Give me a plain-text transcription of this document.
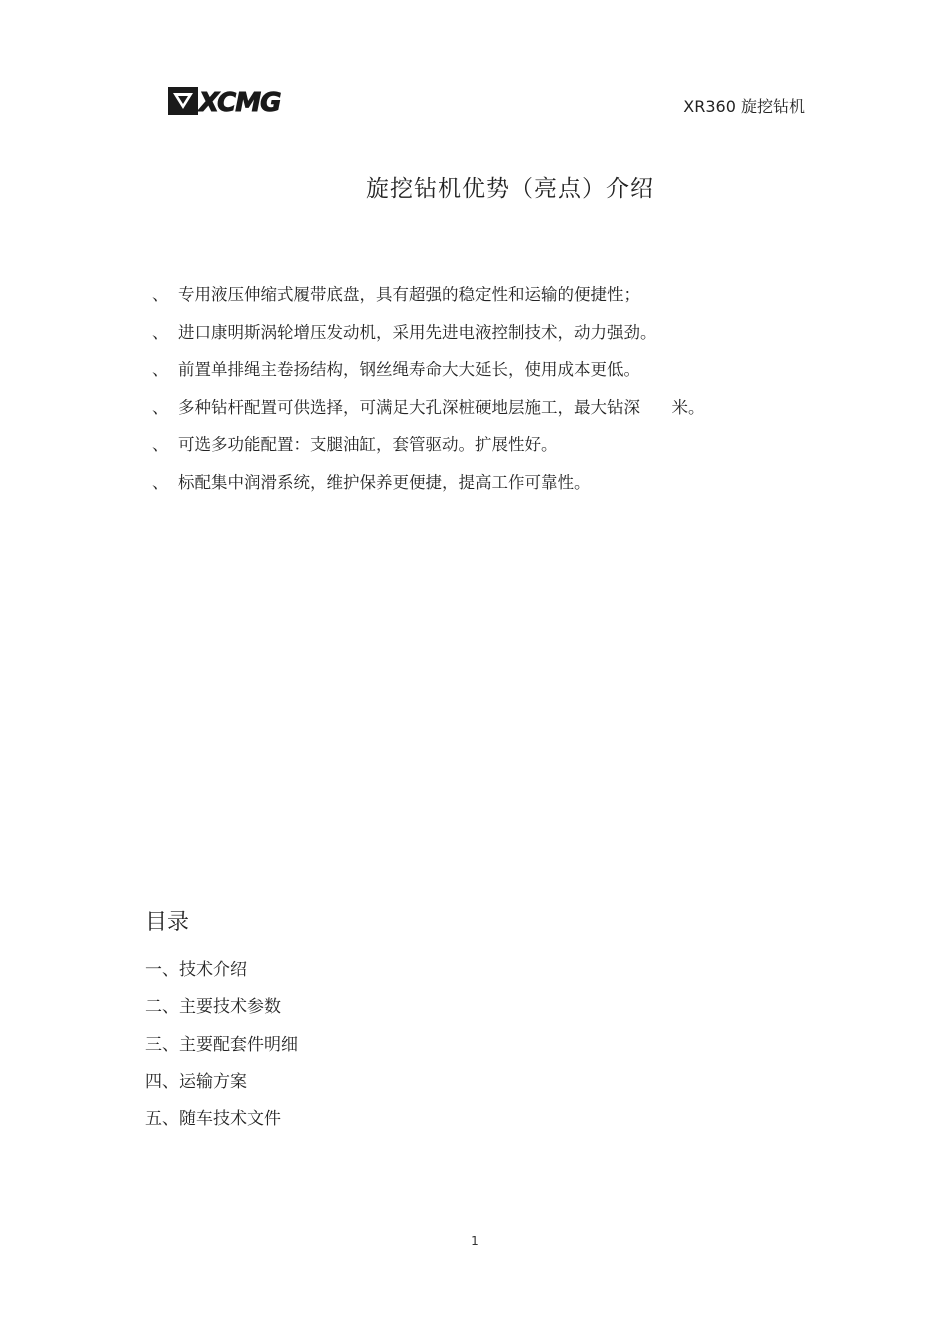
XCMG	XR360 旋挖钻机
旋挖钻机优势（亮点）介绍
、 专用液压伸缩式履带底盘，具有超强的稳定性和运输的便捷性；
、 进口康明斯涡轮增压发动机，采用先进电液控制技术，动力强劲。
、 前置单排绳主卷扬结构，钢丝绳寿命大大延长，使用成本更低。
、 多种钻杆配置可供选择，可满足大孔深桩硬地层施工，最大钻深      米。
、 可选多功能配置：支腿油缸，套管驱动。扩展性好。
、 标配集中润滑系统，维护保养更便捷，提高工作可靠性。
目录
一、技术介绍
二、主要技术参数
三、主要配套件明细
四、运输方案
五、随车技术文件
1
